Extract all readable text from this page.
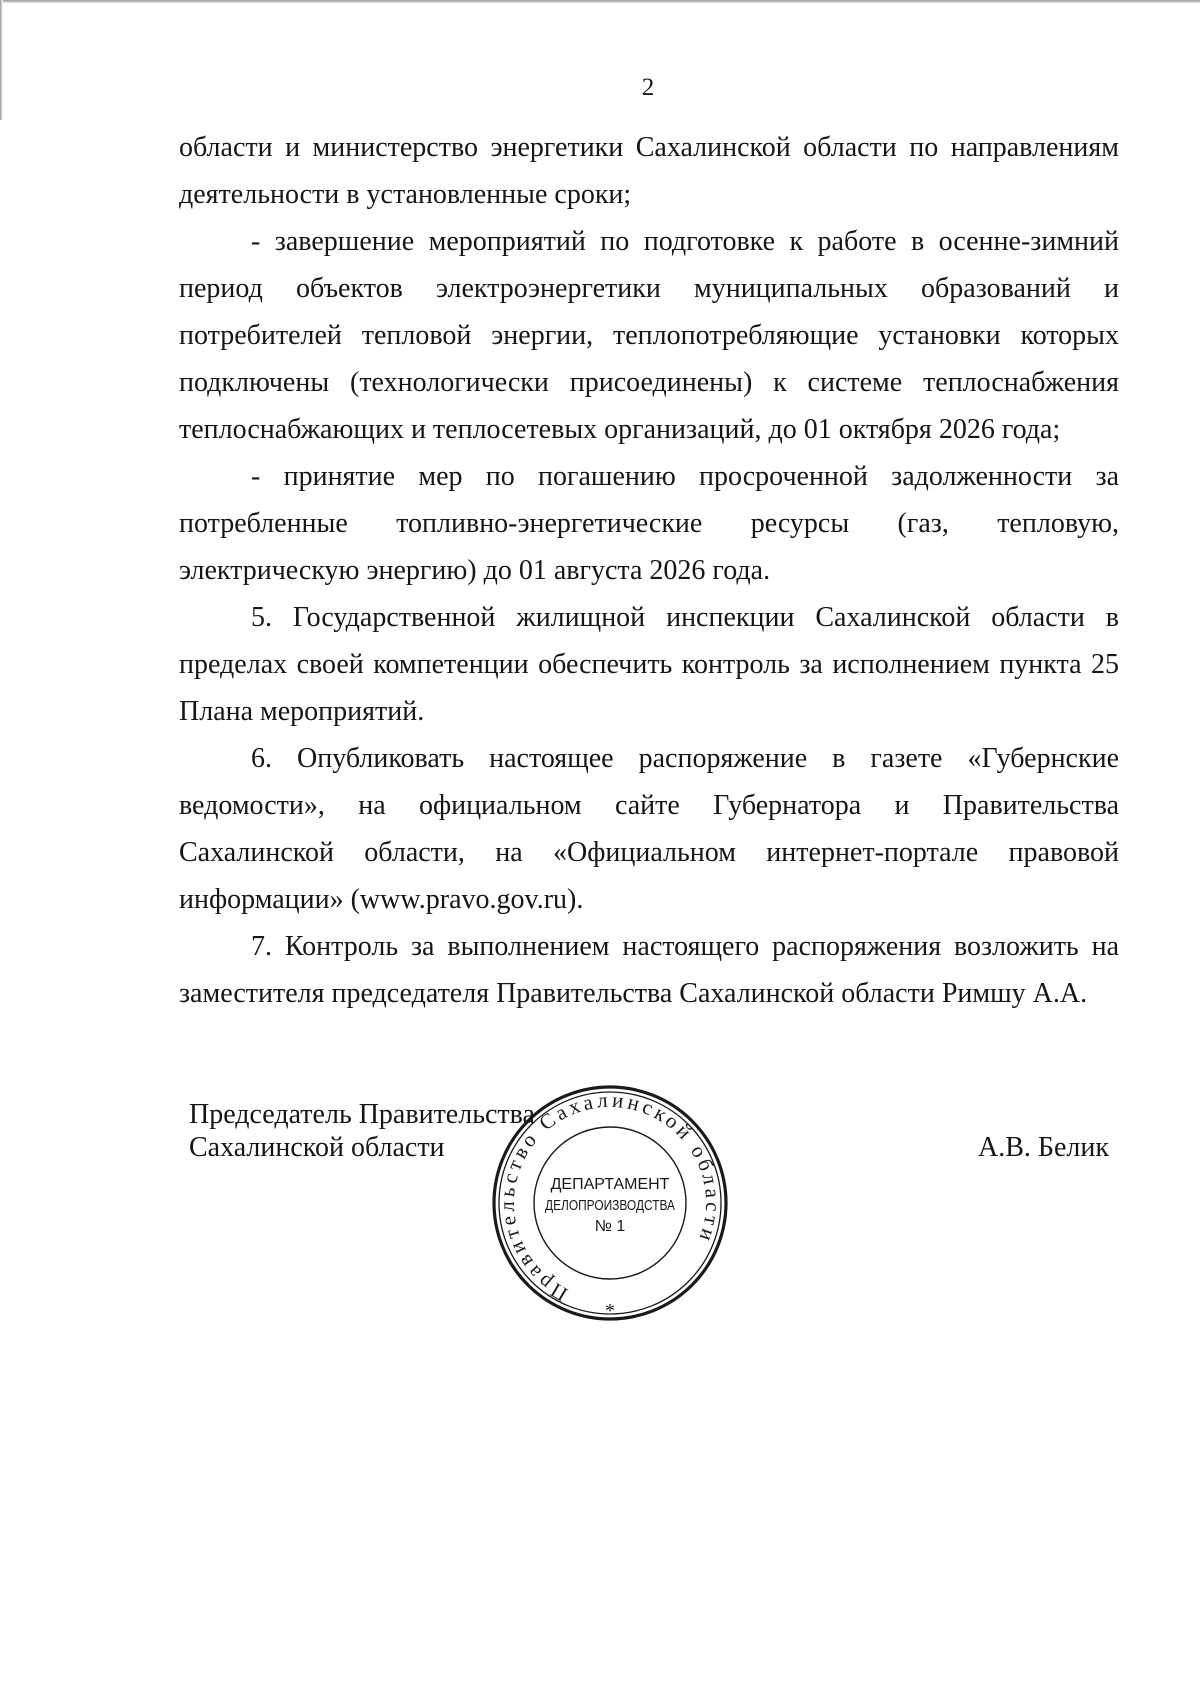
2

области и министерство энергетики Сахалинской области по направлениям деятельности в установленные сроки;

- завершение мероприятий по подготовке к работе в осенне-зимний период объектов электроэнергетики муниципальных образований и потребителей тепловой энергии, теплопотребляющие установки которых подключены (технологически присоединены) к системе теплоснабжения теплоснабжающих и теплосетевых организаций, до 01 октября 2026 года;

- принятие мер по погашению просроченной задолженности за потребленные топливно-энергетические ресурсы (газ, тепловую, электрическую энергию) до 01 августа 2026 года.

5. Государственной жилищной инспекции Сахалинской области в пределах своей компетенции обеспечить контроль за исполнением пункта 25 Плана мероприятий.

6. Опубликовать настоящее распоряжение в газете «Губернские ведомости», на официальном сайте Губернатора и Правительства Сахалинской области, на «Официальном интернет-портале правовой информации» (www.pravo.gov.ru).

7. Контроль за выполнением настоящего распоряжения возложить на заместителя председателя Правительства Сахалинской области Римшу А.А.

Председатель Правительства
Сахалинской области	А.В. Белик
Правительство Сахалинской области
ДЕПАРТАМЕНТ
ДЕЛОПРОИЗВОДСТВА
№ 1
*
